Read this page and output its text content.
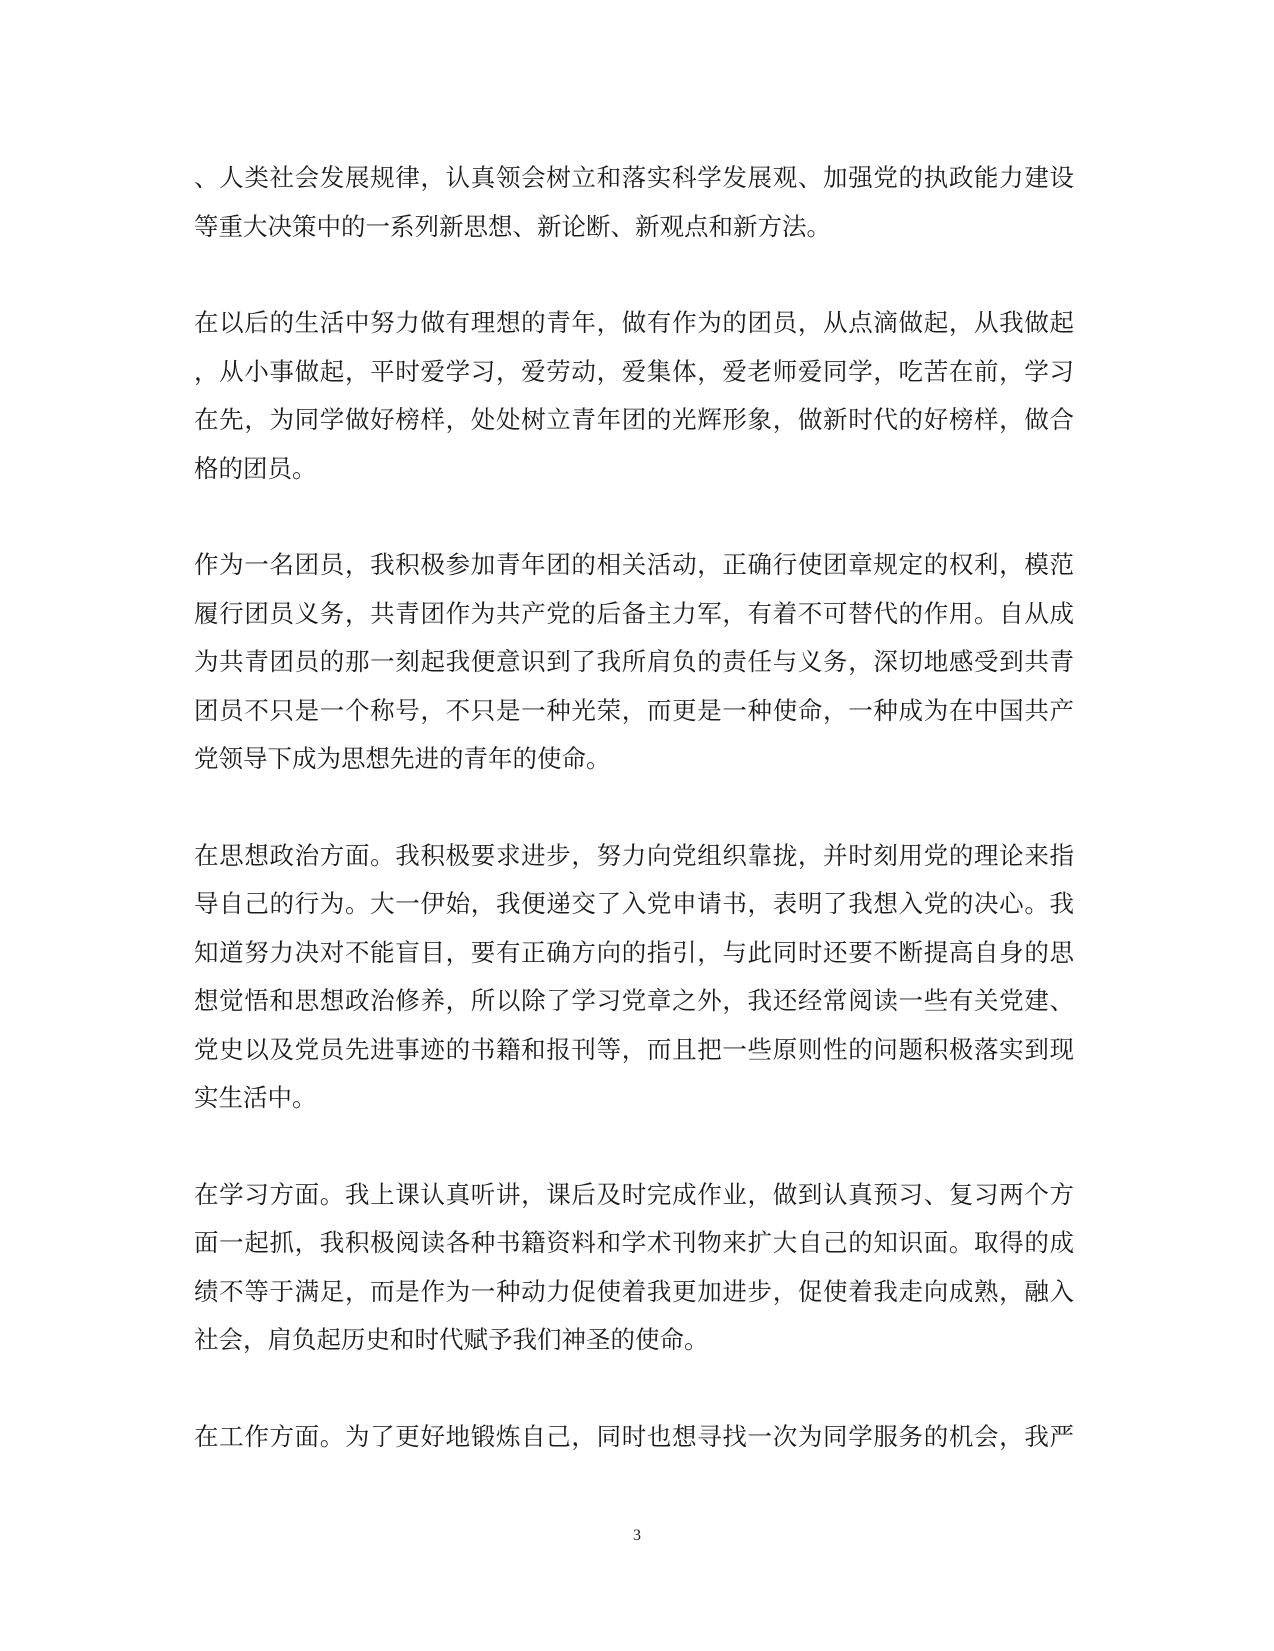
、人类社会发展规律，认真领会树立和落实科学发展观、加强党的执政能力建设
等重大决策中的一系列新思想、新论断、新观点和新方法。

在以后的生活中努力做有理想的青年，做有作为的团员，从点滴做起，从我做起
，从小事做起，平时爱学习，爱劳动，爱集体，爱老师爱同学，吃苦在前，学习
在先，为同学做好榜样，处处树立青年团的光辉形象，做新时代的好榜样，做合
格的团员。

作为一名团员，我积极参加青年团的相关活动，正确行使团章规定的权利，模范
履行团员义务，共青团作为共产党的后备主力军，有着不可替代的作用。自从成
为共青团员的那一刻起我便意识到了我所肩负的责任与义务，深切地感受到共青
团员不只是一个称号，不只是一种光荣，而更是一种使命，一种成为在中国共产
党领导下成为思想先进的青年的使命。

在思想政治方面。我积极要求进步，努力向党组织靠拢，并时刻用党的理论来指
导自己的行为。大一伊始，我便递交了入党申请书，表明了我想入党的决心。我
知道努力决对不能盲目，要有正确方向的指引，与此同时还要不断提高自身的思
想觉悟和思想政治修养，所以除了学习党章之外，我还经常阅读一些有关党建、
党史以及党员先进事迹的书籍和报刊等，而且把一些原则性的问题积极落实到现
实生活中。

在学习方面。我上课认真听讲，课后及时完成作业，做到认真预习、复习两个方
面一起抓，我积极阅读各种书籍资料和学术刊物来扩大自己的知识面。取得的成
绩不等于满足，而是作为一种动力促使着我更加进步，促使着我走向成熟，融入
社会，肩负起历史和时代赋予我们神圣的使命。

在工作方面。为了更好地锻炼自己，同时也想寻找一次为同学服务的机会，我严

3
